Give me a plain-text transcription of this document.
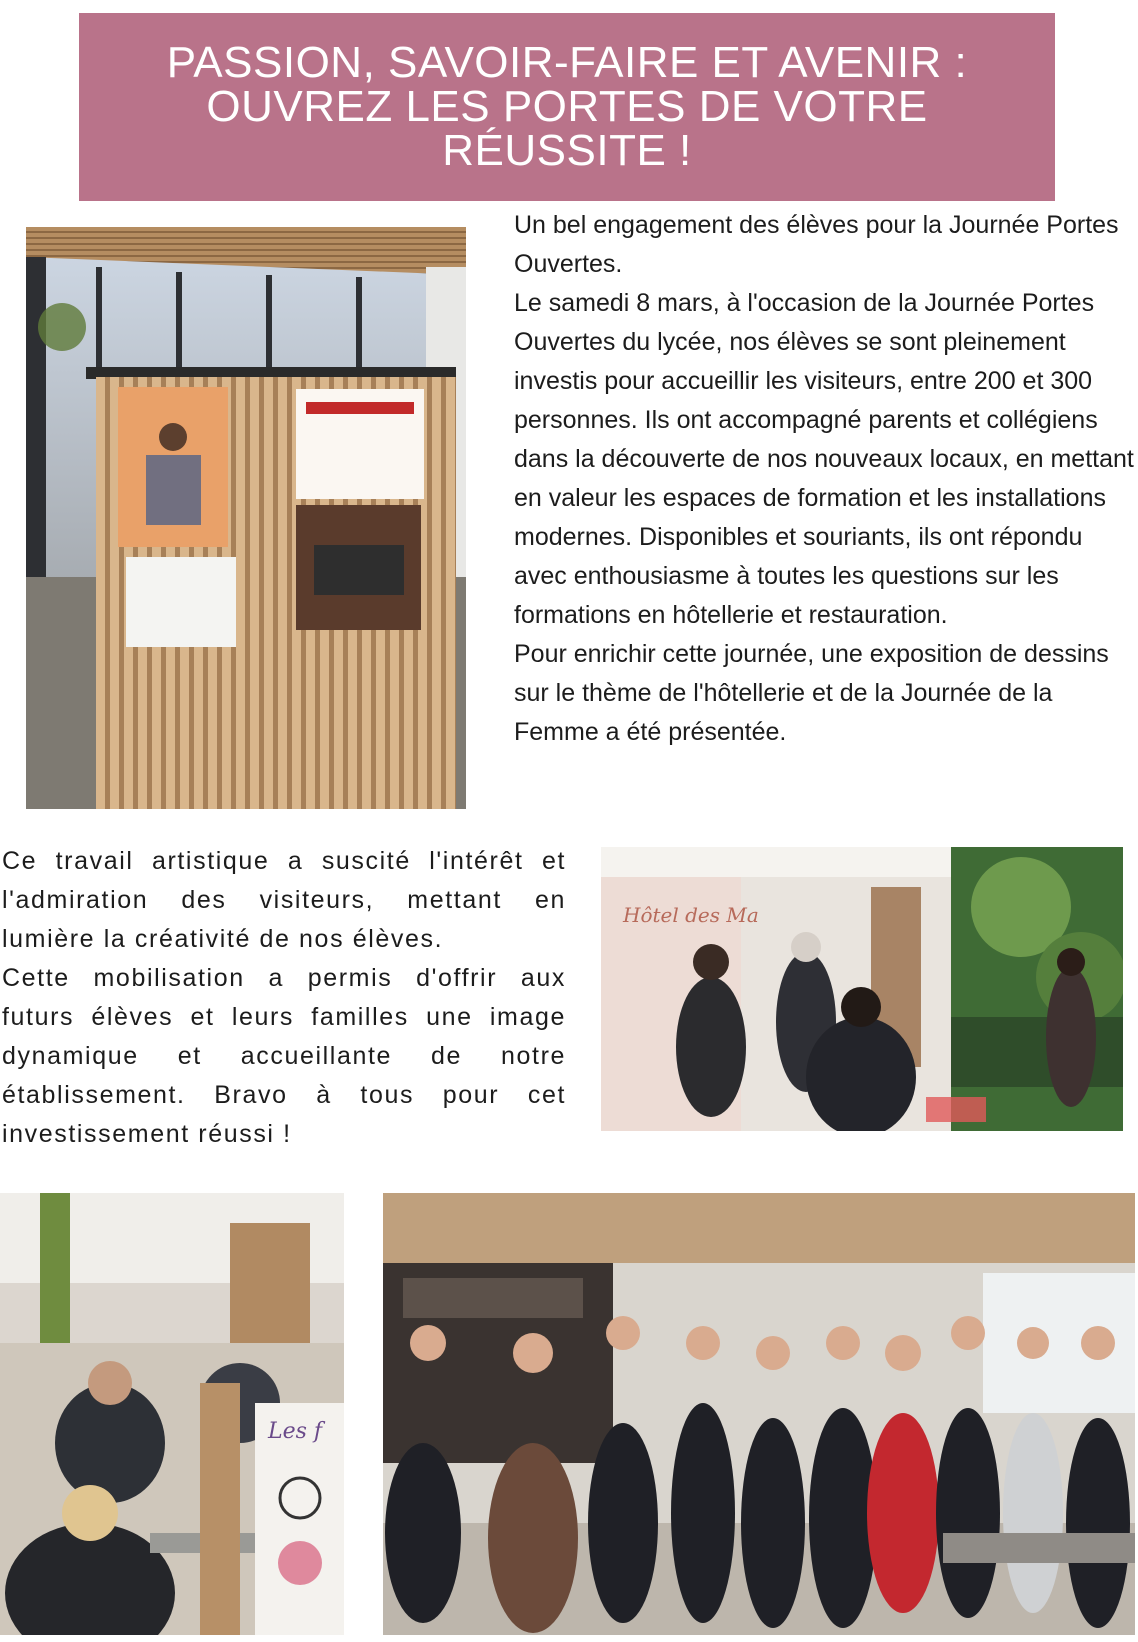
PASSION, SAVOIR-FAIRE ET AVENIR :
OUVREZ LES PORTES DE VOTRE
RÉUSSITE !

Un bel engagement des élèves pour la Journée Portes Ouvertes.

Le samedi 8 mars, à l'occasion de la Journée Portes Ouvertes du lycée, nos élèves se sont pleinement investis pour accueillir les visiteurs, entre 200 et 300 personnes. Ils ont accompagné parents et collégiens dans la découverte de nos nouveaux locaux, en mettant en valeur les espaces de formation et les installations modernes. Disponibles et souriants, ils ont répondu avec enthousiasme à toutes les questions sur les formations en hôtellerie et restauration.

Pour enrichir cette journée, une exposition de dessins sur le thème de l'hôtellerie et de la Journée de la Femme a été présentée.

Ce travail artistique a suscité l'intérêt et l'admiration des visiteurs, mettant en lumière la créativité de nos élèves.

Cette mobilisation a permis d'offrir aux futurs élèves et leurs familles une image dynamique et accueillante de notre établissement. Bravo à tous pour cet investissement réussi !

Hôtel des Ma
Les f
